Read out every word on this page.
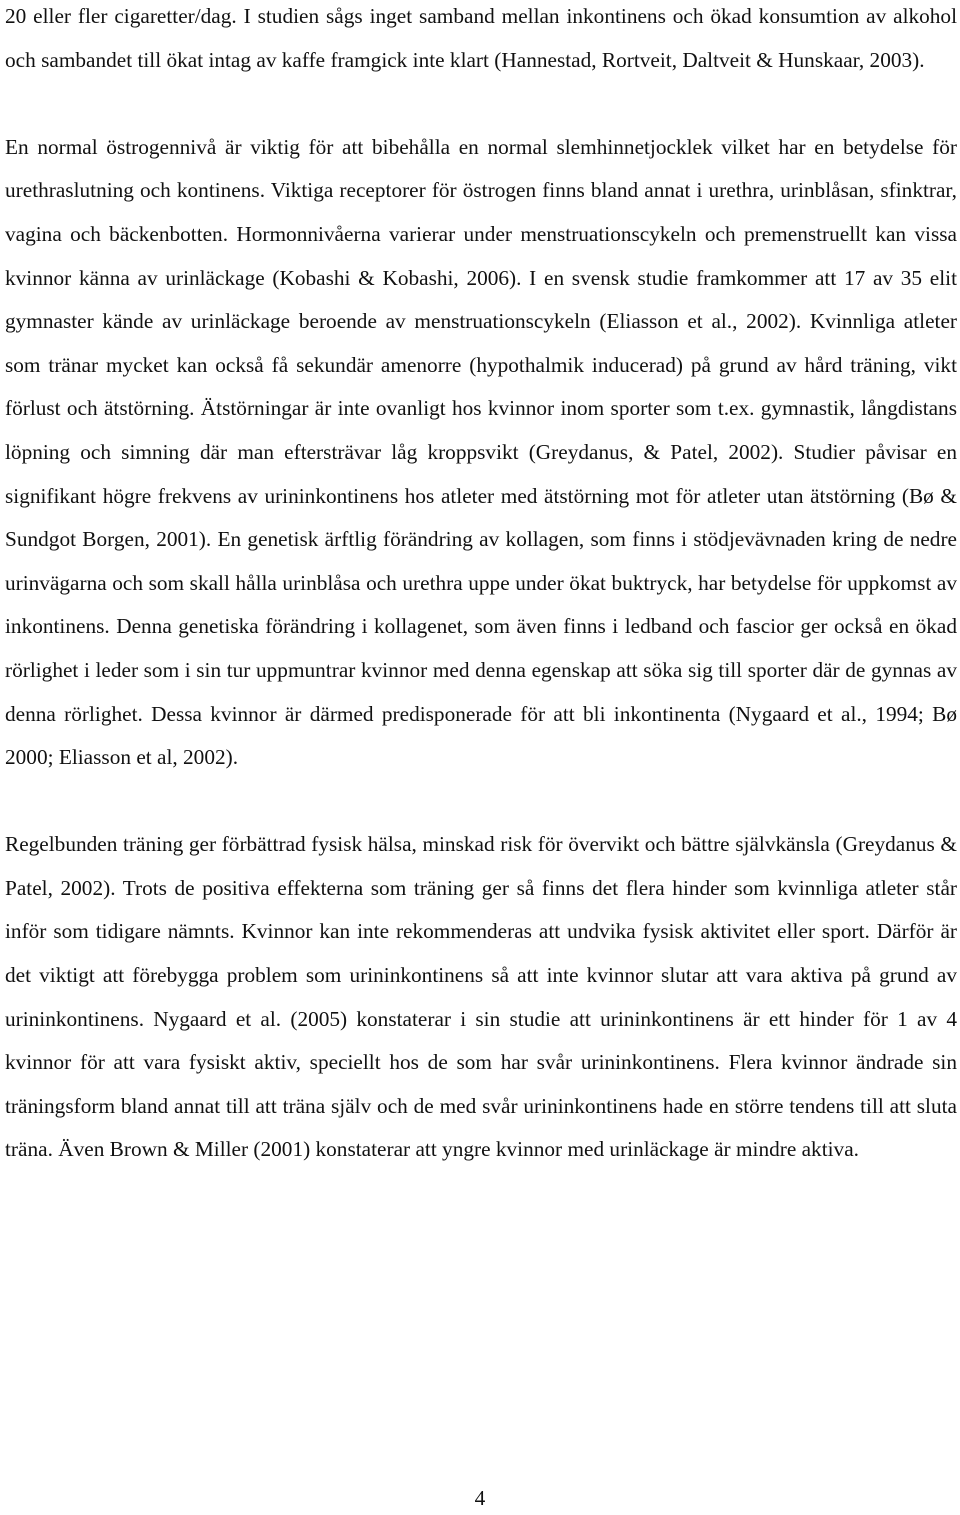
20 eller fler cigaretter/dag. I studien sågs inget samband mellan inkontinens och ökad konsumtion av alkohol och sambandet till ökat intag av kaffe framgick inte klart (Hannestad, Rortveit, Daltveit & Hunskaar, 2003).

En normal östrogennivå är viktig för att bibehålla en normal slemhinnetjocklek vilket har en betydelse för urethraslutning och kontinens. Viktiga receptorer för östrogen finns bland annat i urethra, urinblåsan, sfinktrar, vagina och bäckenbotten. Hormonnivåerna varierar under menstruationscykeln och premenstruellt kan vissa kvinnor känna av urinläckage (Kobashi & Kobashi, 2006). I en svensk studie framkommer att 17 av 35 elit gymnaster kände av urinläckage beroende av menstruationscykeln (Eliasson et al., 2002). Kvinnliga atleter som tränar mycket kan också få sekundär amenorre (hypothalmik inducerad) på grund av hård träning, vikt förlust och ätstörning. Ätstörningar är inte ovanligt hos kvinnor inom sporter som t.ex. gymnastik, långdistans löpning och simning där man eftersträvar låg kroppsvikt (Greydanus, & Patel, 2002). Studier påvisar en signifikant högre frekvens av urininkontinens hos atleter med ätstörning mot för atleter utan ätstörning (Bø & Sundgot Borgen, 2001). En genetisk ärftlig förändring av kollagen, som finns i stödjevävnaden kring de nedre urinvägarna och som skall hålla urinblåsa och urethra uppe under ökat buktryck, har betydelse för uppkomst av inkontinens. Denna genetiska förändring i kollagenet, som även finns i ledband och fascior ger också en ökad rörlighet i leder som i sin tur uppmuntrar kvinnor med denna egenskap att söka sig till sporter där de gynnas av denna rörlighet. Dessa kvinnor är därmed predisponerade för att bli inkontinenta (Nygaard et al., 1994; Bø 2000; Eliasson et al, 2002).

Regelbunden träning ger förbättrad fysisk hälsa, minskad risk för övervikt och bättre självkänsla (Greydanus & Patel, 2002). Trots de positiva effekterna som träning ger så finns det flera hinder som kvinnliga atleter står inför som tidigare nämnts. Kvinnor kan inte rekommenderas att undvika fysisk aktivitet eller sport. Därför är det viktigt att förebygga problem som urininkontinens så att inte kvinnor slutar att vara aktiva på grund av urininkontinens. Nygaard et al. (2005) konstaterar i sin studie att urininkontinens är ett hinder för 1 av 4 kvinnor för att vara fysiskt aktiv, speciellt hos de som har svår urininkontinens. Flera kvinnor ändrade sin träningsform bland annat till att träna själv och de med svår urininkontinens hade en större tendens till att sluta träna. Även Brown & Miller (2001) konstaterar att yngre kvinnor med urinläckage är mindre aktiva.

4
